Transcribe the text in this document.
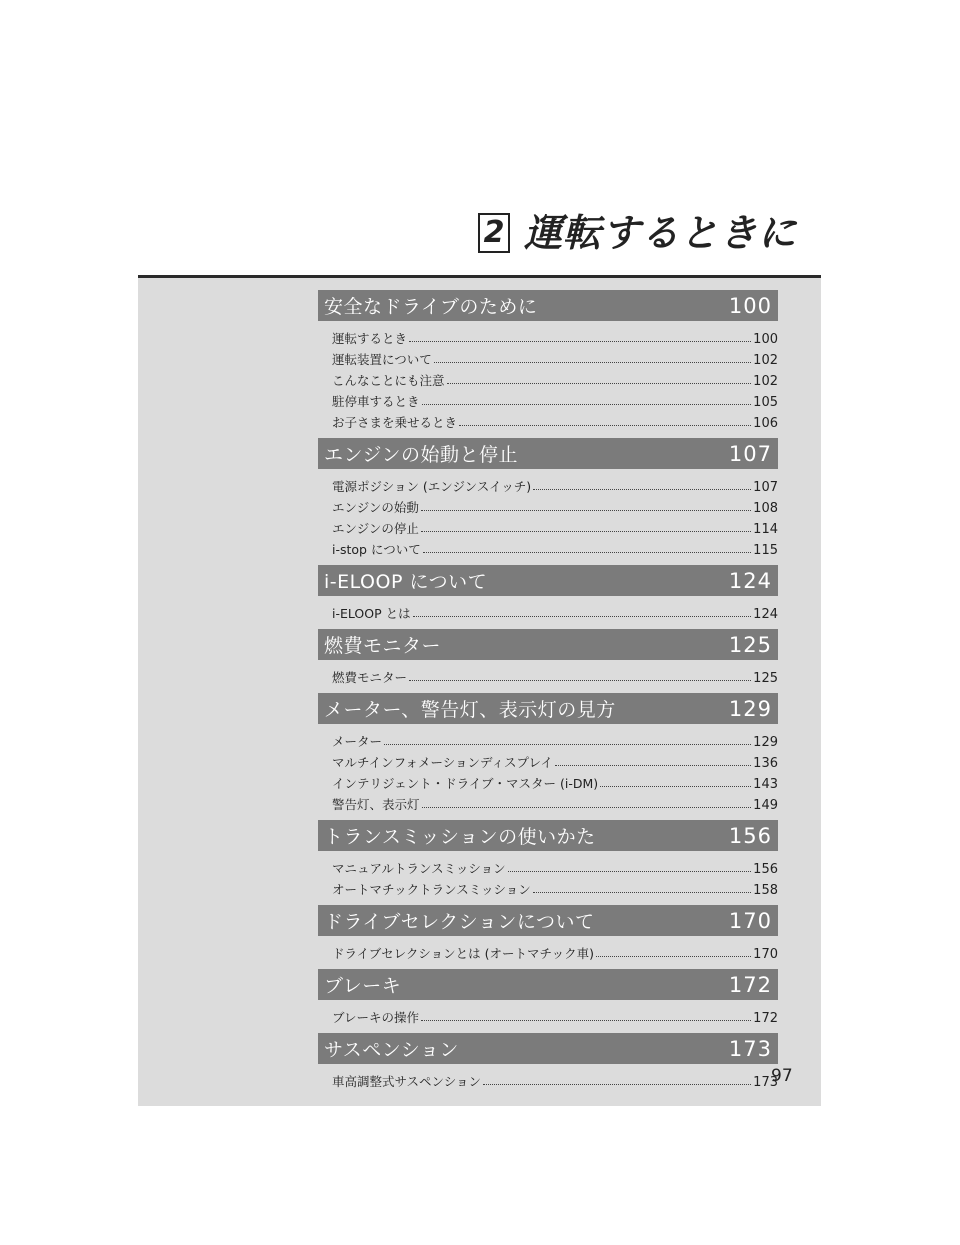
2 運転するときに
安全なドライブのために	100
運転するとき	100
運転装置について	102
こんなことにも注意	102
駐停車するとき	105
お子さまを乗せるとき	106
エンジンの始動と停止	107
電源ポジション (エンジンスイッチ)	107
エンジンの始動	108
エンジンの停止	114
i-stop について	115
i-ELOOP について	124
i-ELOOP とは	124
燃費モニター	125
燃費モニター	125
メーター、警告灯、表示灯の見方	129
メーター	129
マルチインフォメーションディスプレイ	136
インテリジェント・ドライブ・マスター (i-DM)	143
警告灯、表示灯	149
トランスミッションの使いかた	156
マニュアルトランスミッション	156
オートマチックトランスミッション	158
ドライブセレクションについて	170
ドライブセレクションとは (オートマチック車)	170
ブレーキ	172
ブレーキの操作	172
サスペンション	173
車高調整式サスペンション	173
97
